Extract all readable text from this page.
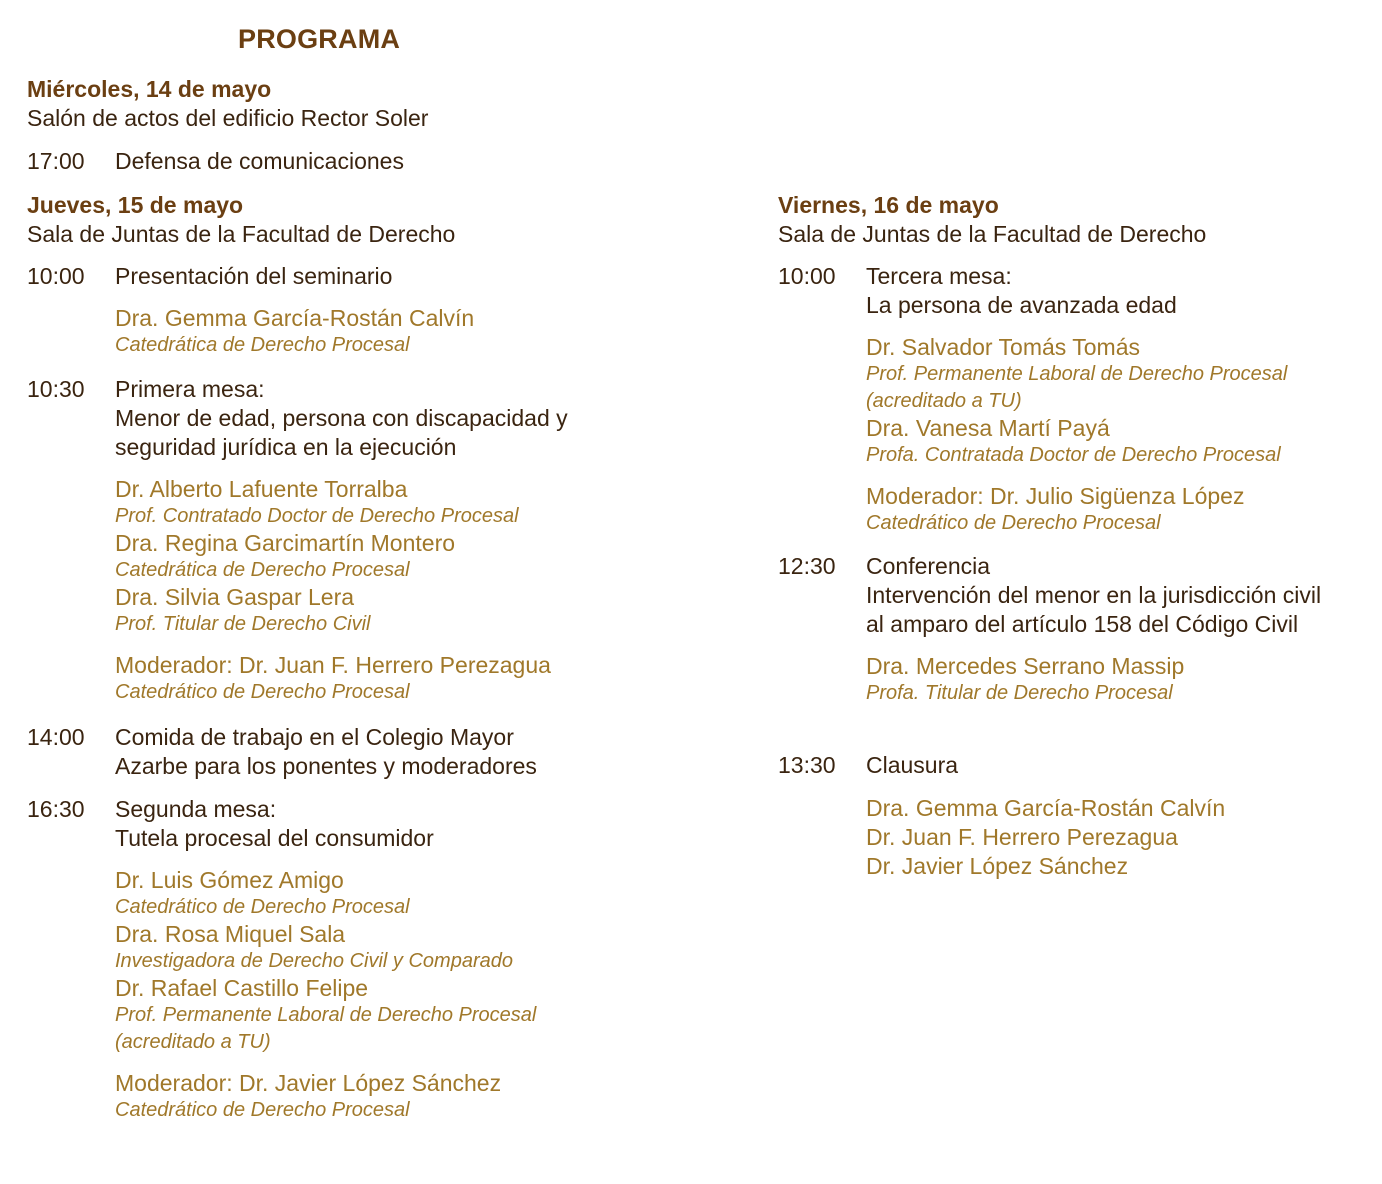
PROGRAMA
Miércoles, 14 de mayo
Salón de actos del edificio Rector Soler
17:00 Defensa de comunicaciones
Jueves, 15 de mayo
Sala de Juntas de la Facultad de Derecho
10:00 Presentación del seminario
Dra. Gemma García-Rostán Calvín
Catedrática de Derecho Procesal
10:30 Primera mesa:
Menor de edad, persona con discapacidad y
seguridad jurídica en la ejecución
Dr. Alberto Lafuente Torralba
Prof. Contratado Doctor de Derecho Procesal
Dra. Regina Garcimartín Montero
Catedrática de Derecho Procesal
Dra. Silvia Gaspar Lera
Prof. Titular de Derecho Civil
Moderador: Dr. Juan F. Herrero Perezagua
Catedrático de Derecho Procesal
14:00 Comida de trabajo en el Colegio Mayor
Azarbe para los ponentes y moderadores
16:30 Segunda mesa:
Tutela procesal del consumidor
Dr. Luis Gómez Amigo
Catedrático de Derecho Procesal
Dra. Rosa Miquel Sala
Investigadora de Derecho Civil y Comparado
Dr. Rafael Castillo Felipe
Prof. Permanente Laboral de Derecho Procesal
(acreditado a TU)
Moderador: Dr. Javier López Sánchez
Catedrático de Derecho Procesal
Viernes, 16 de mayo
Sala de Juntas de la Facultad de Derecho
10:00 Tercera mesa:
La persona de avanzada edad
Dr. Salvador Tomás Tomás
Prof. Permanente Laboral de Derecho Procesal
(acreditado a TU)
Dra. Vanesa Martí Payá
Profa. Contratada Doctor de Derecho Procesal
Moderador: Dr. Julio Sigüenza López
Catedrático de Derecho Procesal
12:30 Conferencia
Intervención del menor en la jurisdicción civil
al amparo del artículo 158 del Código Civil
Dra. Mercedes Serrano Massip
Profa. Titular de Derecho Procesal
13:30 Clausura
Dra. Gemma García-Rostán Calvín
Dr. Juan F. Herrero Perezagua
Dr. Javier López Sánchez
